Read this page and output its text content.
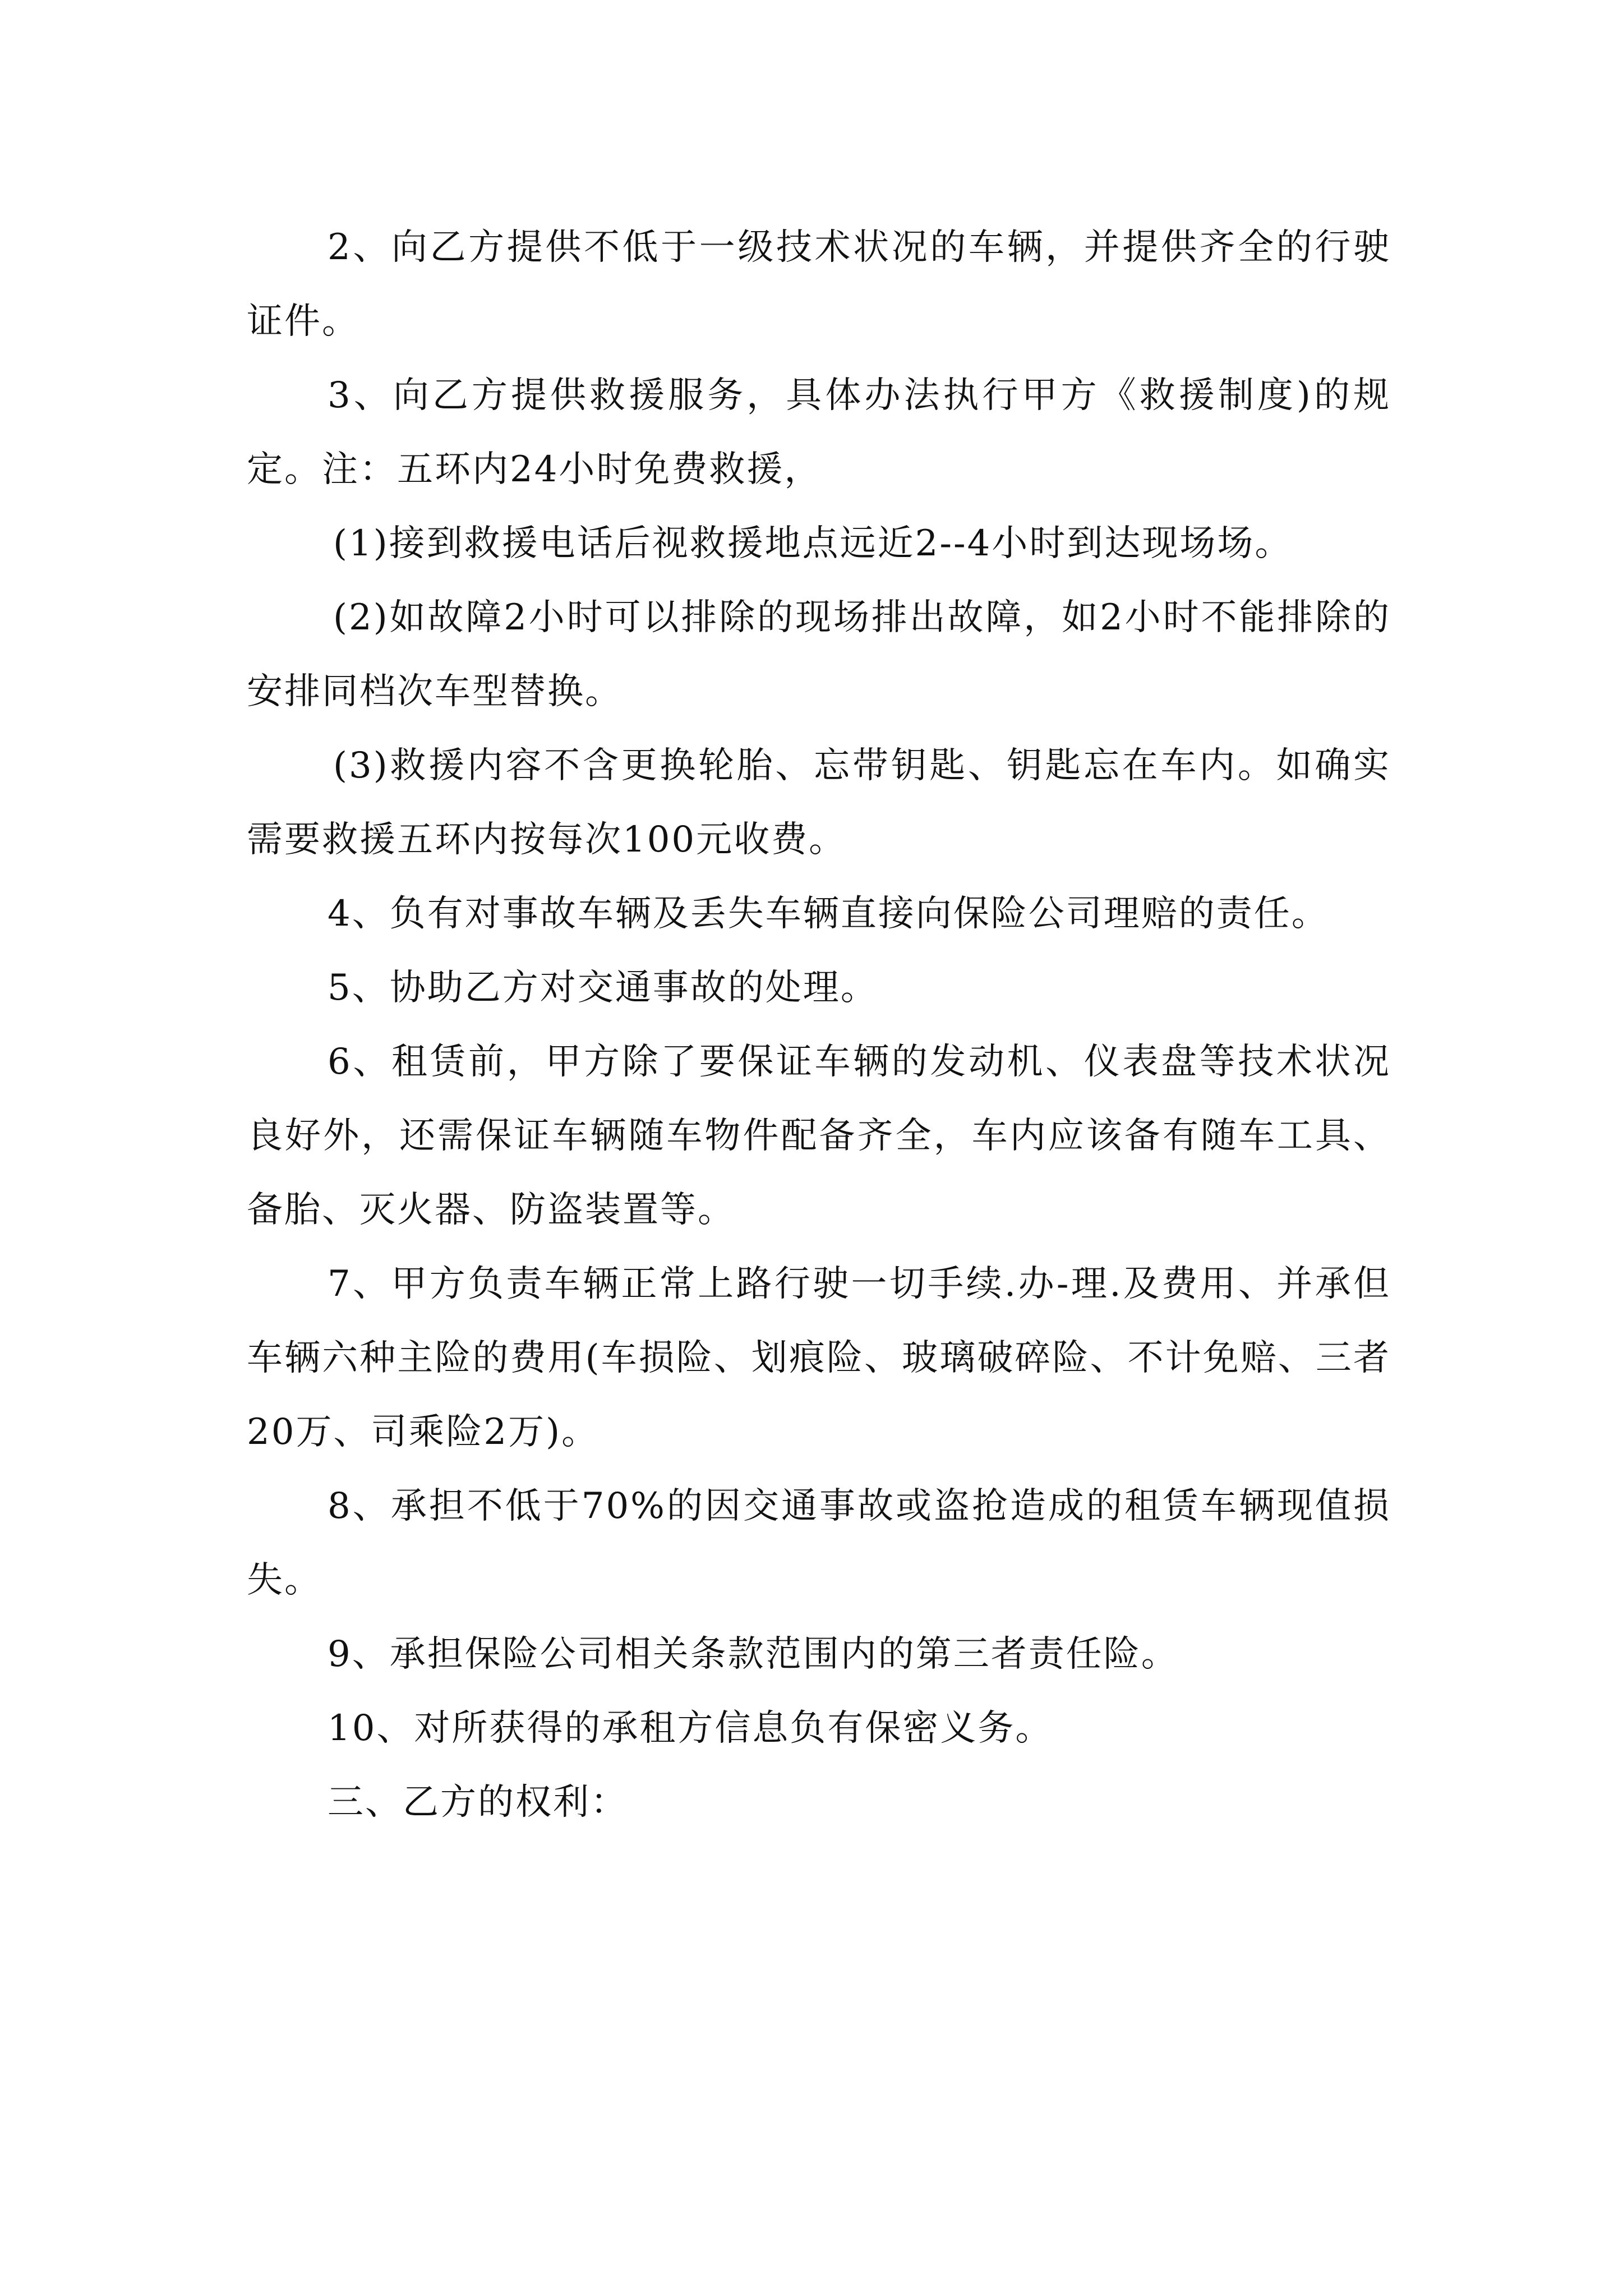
2、向乙方提供不低于一级技术状况的车辆，并提供齐全的行驶证件。

3、向乙方提供救援服务，具体办法执行甲方《救援制度)的规定。注：五环内24小时免费救援，

(1)接到救援电话后视救援地点远近2--4小时到达现场场。

(2)如故障2小时可以排除的现场排出故障，如2小时不能排除的安排同档次车型替换。

(3)救援内容不含更换轮胎、忘带钥匙、钥匙忘在车内。如确实需要救援五环内按每次100元收费。

4、负有对事故车辆及丢失车辆直接向保险公司理赔的责任。

5、协助乙方对交通事故的处理。

6、租赁前，甲方除了要保证车辆的发动机、仪表盘等技术状况良好外，还需保证车辆随车物件配备齐全，车内应该备有随车工具、备胎、灭火器、防盗装置等。

7、甲方负责车辆正常上路行驶一切手续.办-理.及费用、并承但车辆六种主险的费用(车损险、划痕险、玻璃破碎险、不计免赔、三者20万、司乘险2万)。

8、承担不低于70%的因交通事故或盗抢造成的租赁车辆现值损失。

9、承担保险公司相关条款范围内的第三者责任险。

10、对所获得的承租方信息负有保密义务。

三、乙方的权利：
